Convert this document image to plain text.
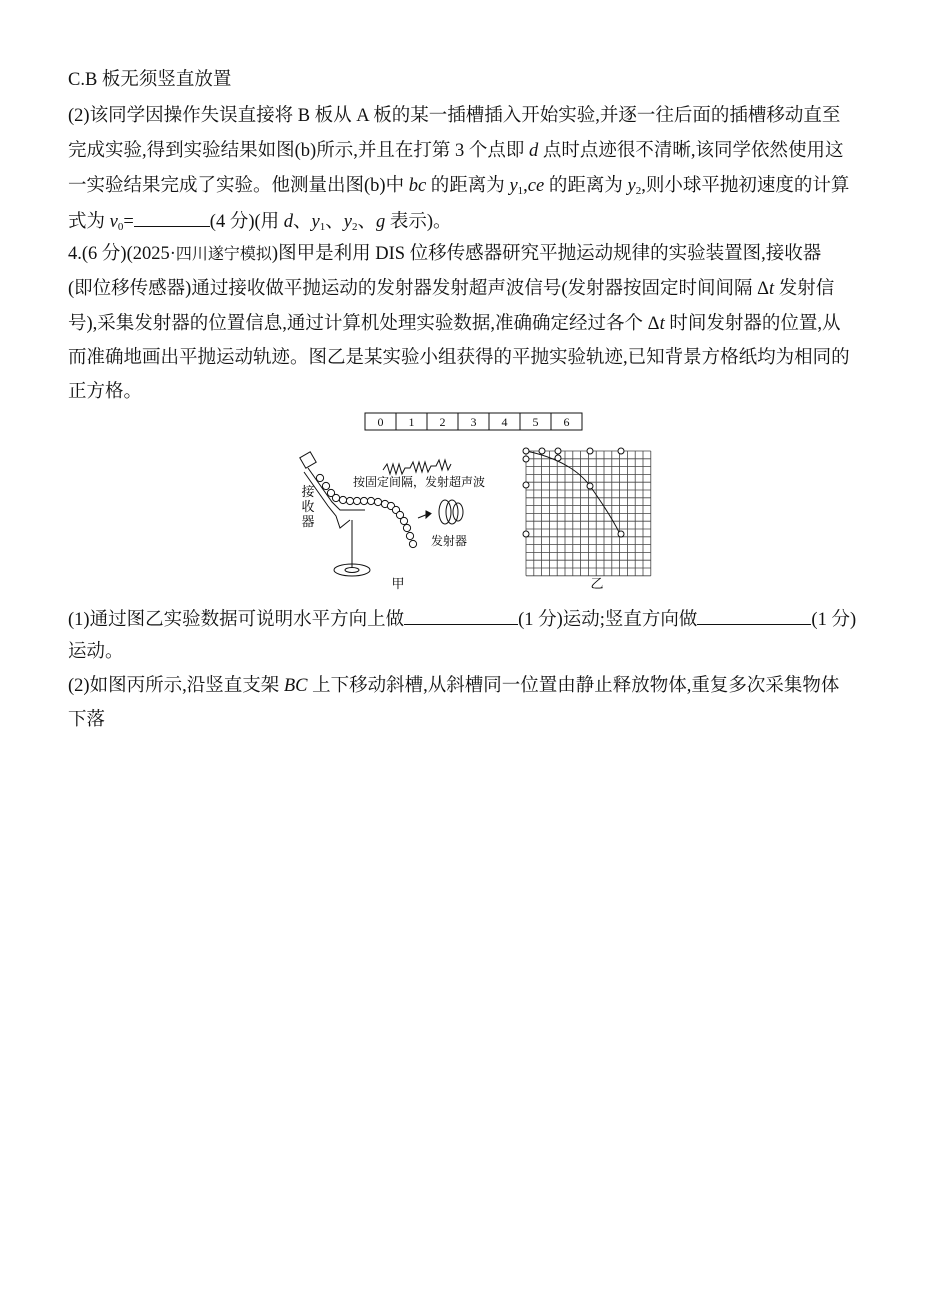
C.B 板无须竖直放置
(2)该同学因操作失误直接将 B 板从 A 板的某一插槽插入开始实验,并逐一往后面的插槽移动直至
完成实验,得到实验结果如图(b)所示,并且在打第 3 个点即 d 点时点迹很不清晰,该同学依然使用这
一实验结果完成了实验。他测量出图(b)中 bc 的距离为 $y_1,ce$ 的距离为 $y_2$,则小球平抛初速度的计算
式为 $v_0=$	(4 分)(用 d、$y_1$、$y_2$、g 表示)。
4.(6 分)(2025·四川遂宁模拟)图甲是利用 DIS 位移传感器研究平抛运动规律的实验装置图,接收器
(即位移传感器)通过接收做平抛运动的发射器发射超声波信号(发射器按固定时间间隔 Δt 发射信
号),采集发射器的位置信息,通过计算机处理实验数据,准确确定经过各个 Δt 时间发射器的位置,从
而准确地画出平抛运动轨迹。图乙是某实验小组获得的平抛实验轨迹,已知背景方格纸均为相同的
正方格。
0 1 2 3 4 5 6
接
收
器
按固定间隔，发射超声波
发射器
甲	乙
(1)通过图乙实验数据可说明水平方向上做	(1 分)运动;竖直方向做	(1 分)
运动。
(2)如图丙所示,沿竖直支架 BC 上下移动斜槽,从斜槽同一位置由静止释放物体,重复多次采集物体
下落
